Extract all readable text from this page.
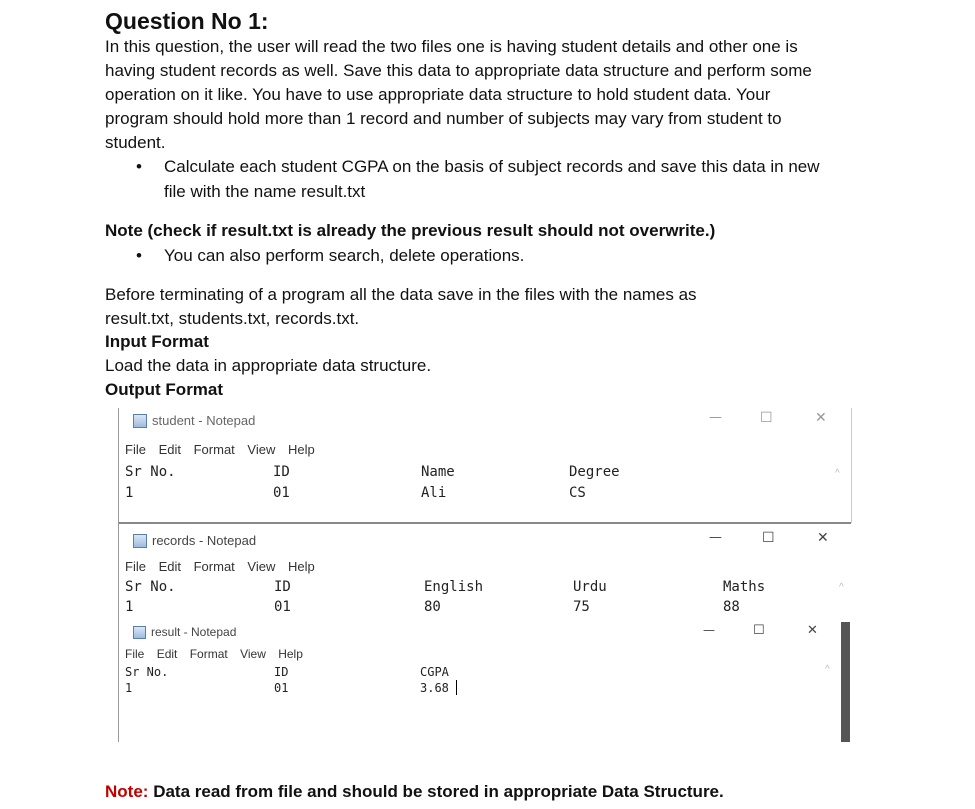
Question No 1:
In this question, the user will read the two files one is having student details and other one is
having student records as well. Save this data to appropriate data structure and perform some
operation on it like. You have to use appropriate data structure to hold student data. Your
program should hold more than 1 record and number of subjects may vary from student to
student.
• Calculate each student CGPA on the basis of subject records and save this data in new
file with the name result.txt
Note (check if result.txt is already the previous result should not overwrite.)
• You can also perform search, delete operations.
Before terminating of a program all the data save in the files with the names as
result.txt, students.txt, records.txt.
Input Format
Load the data in appropriate data structure.
Output Format
student - Notepad	—	☐	✕
File Edit Format View Help
Sr No.	ID	Name	Degree
1	01	Ali	CS
^
records - Notepad	—	☐	✕
File Edit Format View Help
Sr No.	ID	English	Urdu	Maths
1	01	80	75	88
^
result - Notepad	—	☐	✕
File Edit Format View Help
Sr No.	ID	CGPA
1	01	3.68
^
Note: Data read from file and should be stored in appropriate Data Structure.
